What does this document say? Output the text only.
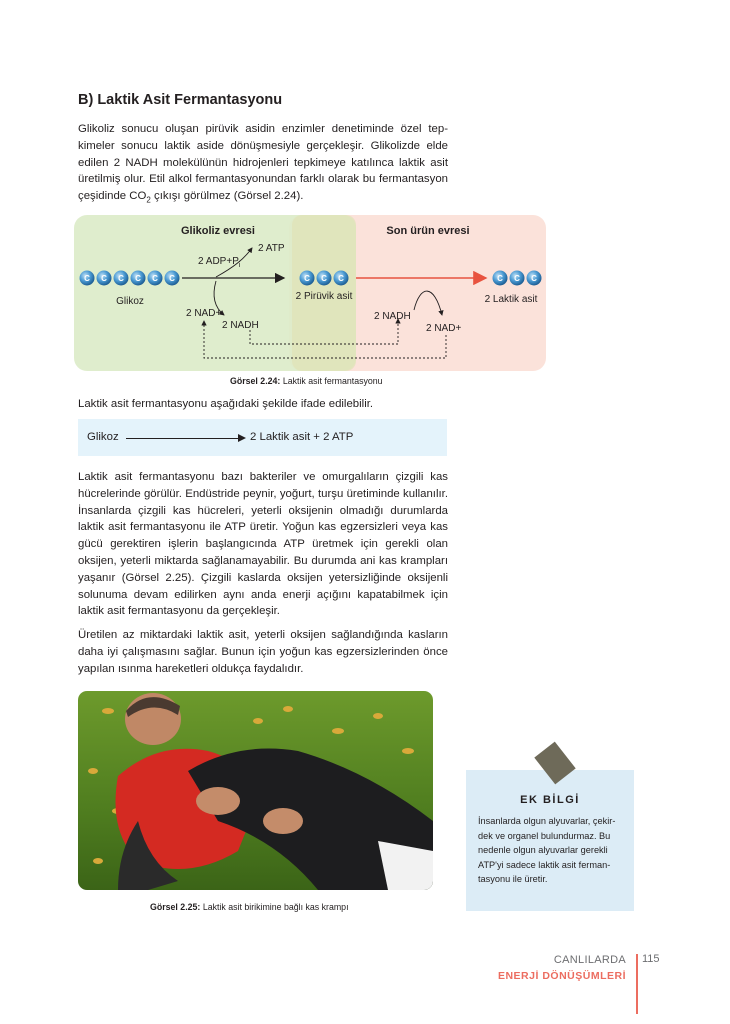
B) Laktik Asit Fermantasyonu

Glikoliz sonucu oluşan pirüvik asidin enzimler denetiminde özel tepkimeler sonucu laktik aside dönüşmesiyle gerçekleşir. Glikolizde elde edilen 2 NADH molekülünün hidrojenleri tepkimeye katılınca laktik asit üretilmiş olur. Etil alkol fermantasyonundan farklı olarak bu fermantasyon çeşidinde $CO_2$ çıkışı görülmez (Görsel 2.24).

Glikoliz evresi	Son ürün evresi
C C C C C C
Glikoz
2 $ADP+P_i$
2 ATP
C C C
2 Pirüvik asit
C C C
2 Laktik asit
2 NAD+
2 NADH
2 NADH
2 NAD+
Görsel 2.24: Laktik asit fermantasyonu

Laktik asit fermantasyonu aşağıdaki şekilde ifade edilebilir.

Glikoz	2 Laktik asit + 2 ATP

Laktik asit fermantasyonu bazı bakteriler ve omurgalıların çizgili kas hücrelerinde görülür. Endüstride peynir, yoğurt, turşu üretiminde kullanılır. İnsanlarda çizgili kas hücreleri, yeterli oksijenin olmadığı durumlarda laktik asit fermantasyonu ile ATP üretir. Yoğun kas egzersizleri veya kas gücü gerektiren işlerin başlangıcında ATP üretmek için gerekli olan oksijen, yeterli miktarda sağlanamayabilir. Bu durumda ani kas krampları yaşanır (Görsel 2.25). Çizgili kaslarda oksijen yetersizliğinde oksijenli solunuma devam edilirken aynı anda enerji açığını kapatabilmek için laktik asit fermantasyonu da gerçekleşir.

Üretilen az miktardaki laktik asit, yeterli oksijen sağlandığında kasların daha iyi çalışmasını sağlar. Bunun için yoğun kas egzersizlerinden önce yapılan ısınma hareketleri oldukça faydalıdır.

Görsel 2.25: Laktik asit birikimine bağlı kas krampı
EK BİLGİ
İnsanlarda olgun alyuvarlar, çekirdek ve organel bulundurmaz. Bu nedenle olgun alyuvarlar gerekli ATP'yi sadece laktik asit fermantasyonu ile üretir.
CANLILARDA
ENERJİ DÖNÜŞÜMLERİ
115
